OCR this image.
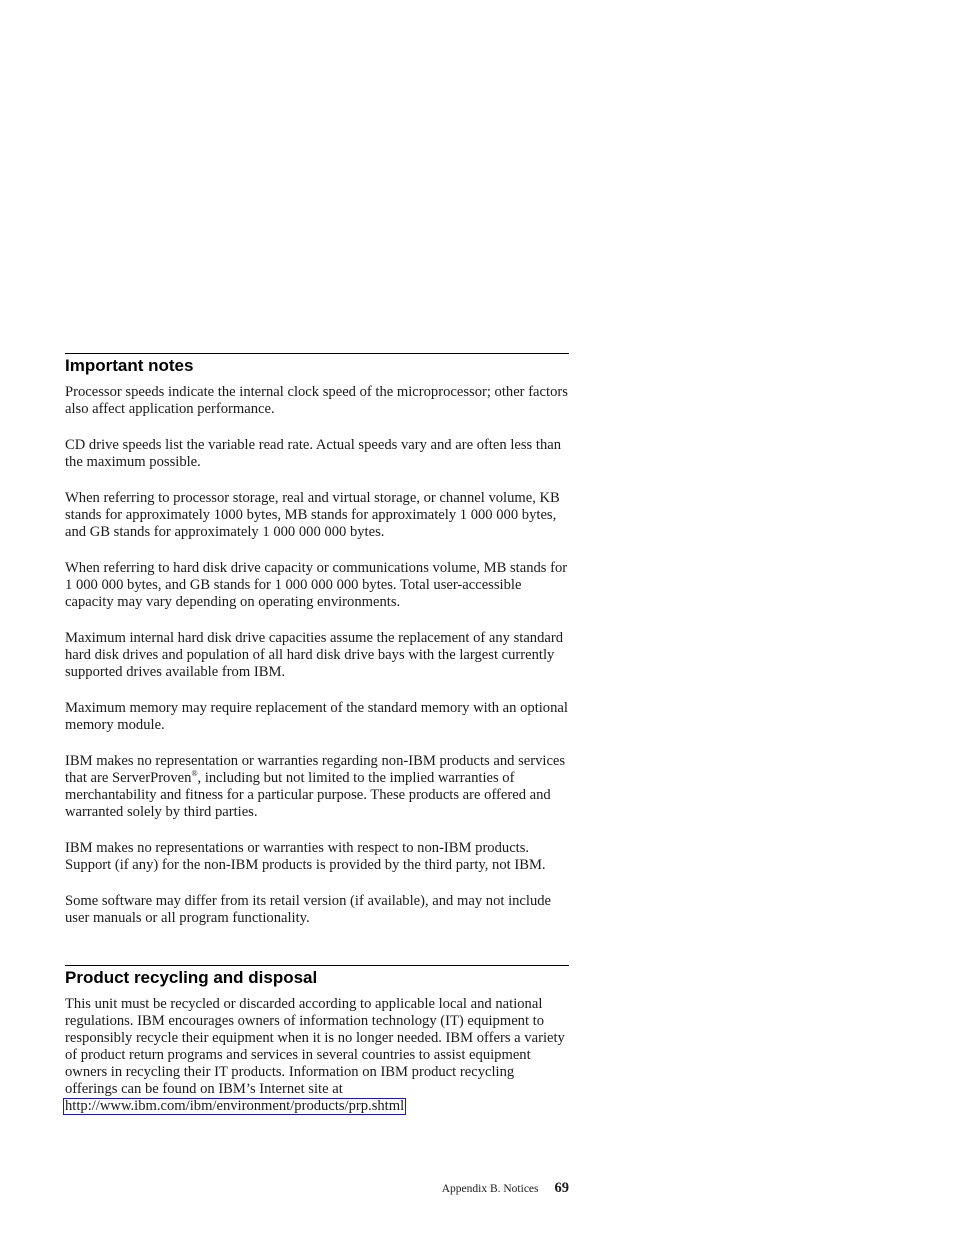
Important notes

Processor speeds indicate the internal clock speed of the microprocessor; other factors also affect application performance.

CD drive speeds list the variable read rate. Actual speeds vary and are often less than the maximum possible.

When referring to processor storage, real and virtual storage, or channel volume, KB stands for approximately 1000 bytes, MB stands for approximately 1 000 000 bytes, and GB stands for approximately 1 000 000 000 bytes.

When referring to hard disk drive capacity or communications volume, MB stands for 1 000 000 bytes, and GB stands for 1 000 000 000 bytes. Total user-accessible capacity may vary depending on operating environments.

Maximum internal hard disk drive capacities assume the replacement of any standard hard disk drives and population of all hard disk drive bays with the largest currently supported drives available from IBM.

Maximum memory may require replacement of the standard memory with an optional memory module.

IBM makes no representation or warranties regarding non-IBM products and services that are ServerProven®, including but not limited to the implied warranties of merchantability and fitness for a particular purpose. These products are offered and warranted solely by third parties.

IBM makes no representations or warranties with respect to non-IBM products. Support (if any) for the non-IBM products is provided by the third party, not IBM.

Some software may differ from its retail version (if available), and may not include user manuals or all program functionality.

Product recycling and disposal

This unit must be recycled or discarded according to applicable local and national regulations. IBM encourages owners of information technology (IT) equipment to responsibly recycle their equipment when it is no longer needed. IBM offers a variety of product return programs and services in several countries to assist equipment owners in recycling their IT products. Information on IBM product recycling offerings can be found on IBM’s Internet site at

http://www.ibm.com/ibm/environment/products/prp.shtml

Appendix B. Notices 69
